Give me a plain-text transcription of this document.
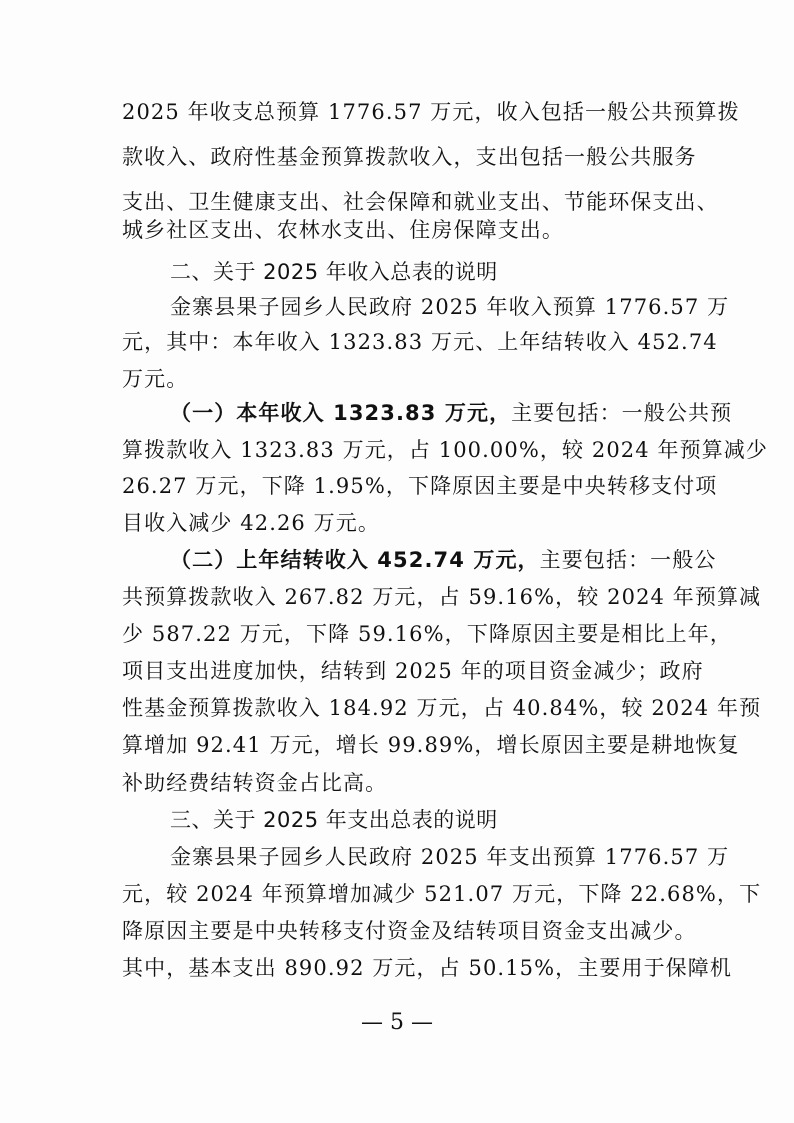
2025 年收支总预算 1776.57 万元，收入包括一般公共预算拨
款收入、政府性基金预算拨款收入，支出包括一般公共服务
支出、卫生健康支出、社会保障和就业支出、节能环保支出、
城乡社区支出、农林水支出、住房保障支出。
二、关于 2025 年收入总表的说明
金寨县果子园乡人民政府 2025 年收入预算 1776.57 万
元，其中：本年收入 1323.83 万元、上年结转收入 452.74
万元。
（一）本年收入 1323.83 万元，主要包括：一般公共预
算拨款收入 1323.83 万元，占 100.00%，较 2024 年预算减少
26.27 万元，下降 1.95%，下降原因主要是中央转移支付项
目收入减少 42.26 万元。
（二）上年结转收入 452.74 万元，主要包括：一般公
共预算拨款收入 267.82 万元，占 59.16%，较 2024 年预算减
少 587.22 万元，下降 59.16%，下降原因主要是相比上年，
项目支出进度加快，结转到 2025 年的项目资金减少；政府
性基金预算拨款收入 184.92 万元，占 40.84%，较 2024 年预
算增加 92.41 万元，增长 99.89%，增长原因主要是耕地恢复
补助经费结转资金占比高。
三、关于 2025 年支出总表的说明
金寨县果子园乡人民政府 2025 年支出预算 1776.57 万
元，较 2024 年预算增加减少 521.07 万元，下降 22.68%，下
降原因主要是中央转移支付资金及结转项目资金支出减少。
其中，基本支出 890.92 万元，占 50.15%，主要用于保障机
— 5 —
